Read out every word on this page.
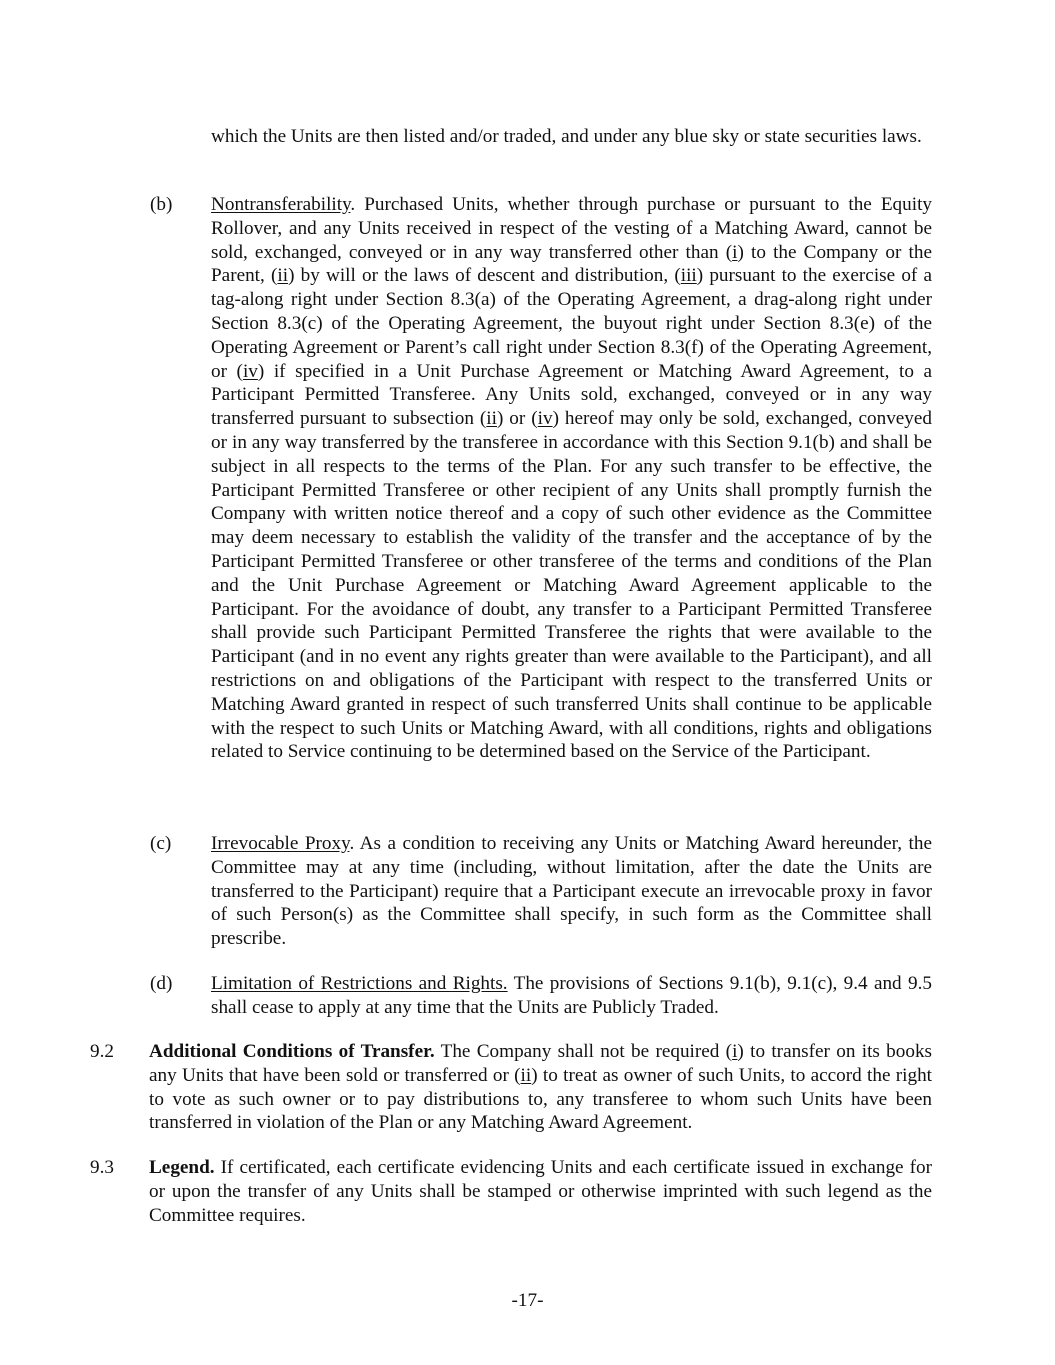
which the Units are then listed and/or traded, and under any blue sky or state securities laws.
(b) Nontransferability. Purchased Units, whether through purchase or pursuant to the Equity Rollover, and any Units received in respect of the vesting of a Matching Award, cannot be sold, exchanged, conveyed or in any way transferred other than (i) to the Company or the Parent, (ii) by will or the laws of descent and distribution, (iii) pursuant to the exercise of a tag-along right under Section 8.3(a) of the Operating Agreement, a drag-along right under Section 8.3(c) of the Operating Agreement, the buyout right under Section 8.3(e) of the Operating Agreement or Parent’s call right under Section 8.3(f) of the Operating Agreement, or (iv) if specified in a Unit Purchase Agreement or Matching Award Agreement, to a Participant Permitted Transferee. Any Units sold, exchanged, conveyed or in any way transferred pursuant to subsection (ii) or (iv) hereof may only be sold, exchanged, conveyed or in any way transferred by the transferee in accordance with this Section 9.1(b) and shall be subject in all respects to the terms of the Plan. For any such transfer to be effective, the Participant Permitted Transferee or other recipient of any Units shall promptly furnish the Company with written notice thereof and a copy of such other evidence as the Committee may deem necessary to establish the validity of the transfer and the acceptance of by the Participant Permitted Transferee or other transferee of the terms and conditions of the Plan and the Unit Purchase Agreement or Matching Award Agreement applicable to the Participant. For the avoidance of doubt, any transfer to a Participant Permitted Transferee shall provide such Participant Permitted Transferee the rights that were available to the Participant (and in no event any rights greater than were available to the Participant), and all restrictions on and obligations of the Participant with respect to the transferred Units or Matching Award granted in respect of such transferred Units shall continue to be applicable with the respect to such Units or Matching Award, with all conditions, rights and obligations related to Service continuing to be determined based on the Service of the Participant.
(c) Irrevocable Proxy. As a condition to receiving any Units or Matching Award hereunder, the Committee may at any time (including, without limitation, after the date the Units are transferred to the Participant) require that a Participant execute an irrevocable proxy in favor of such Person(s) as the Committee shall specify, in such form as the Committee shall prescribe.
(d) Limitation of Restrictions and Rights. The provisions of Sections 9.1(b), 9.1(c), 9.4 and 9.5 shall cease to apply at any time that the Units are Publicly Traded.
9.2 Additional Conditions of Transfer. The Company shall not be required (i) to transfer on its books any Units that have been sold or transferred or (ii) to treat as owner of such Units, to accord the right to vote as such owner or to pay distributions to, any transferee to whom such Units have been transferred in violation of the Plan or any Matching Award Agreement.
9.3 Legend. If certificated, each certificate evidencing Units and each certificate issued in exchange for or upon the transfer of any Units shall be stamped or otherwise imprinted with such legend as the Committee requires.
-17-
